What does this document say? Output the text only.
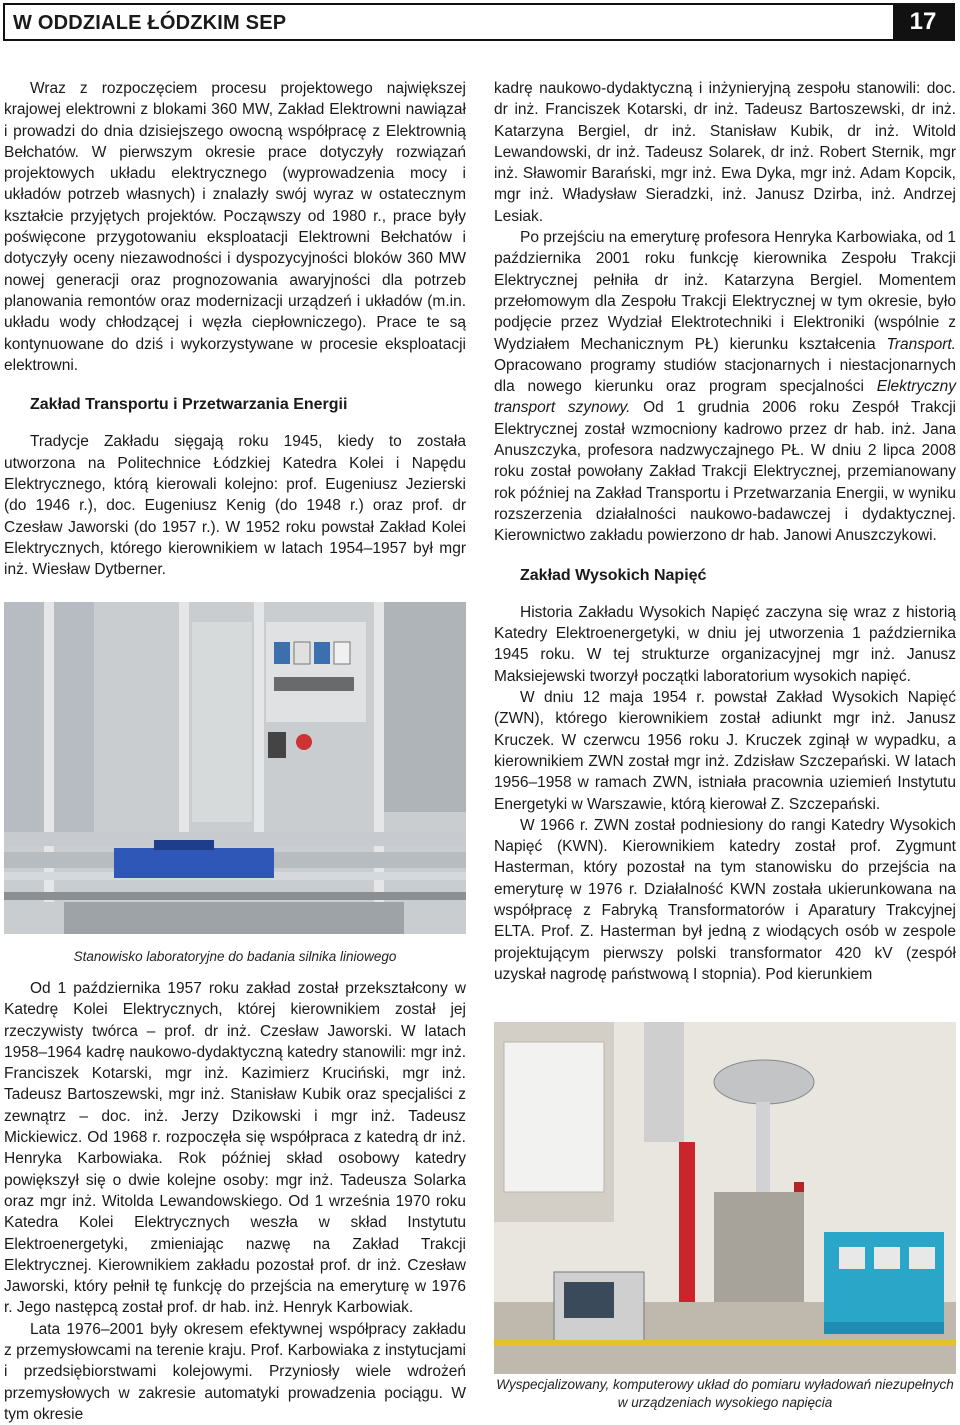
W ODDZIALE ŁÓDZKIM SEP	17

Wraz z rozpoczęciem procesu projektowego największej krajowej elektrowni z blokami 360 MW, Zakład Elektrowni nawiązał i prowadzi do dnia dzisiejszego owocną współpracę z Elektrownią Bełchatów. W pierwszym okresie prace dotyczyły rozwiązań projektowych układu elektrycznego (wyprowadzenia mocy i układów potrzeb własnych) i znalazły swój wyraz w ostatecznym kształcie przyjętych projektów. Począwszy od 1980 r., prace były poświęcone przygotowaniu eksploatacji Elektrowni Bełchatów i dotyczyły oceny niezawodności i dyspozycyjności bloków 360 MW nowej generacji oraz prognozowania awaryjności dla potrzeb planowania remontów oraz modernizacji urządzeń i układów (m.in. układu wody chłodzącej i węzła ciepłowniczego). Prace te są kontynuowane do dziś i wykorzystywane w procesie eksploatacji elektrowni.

Zakład Transportu i Przetwarzania Energii

Tradycje Zakładu sięgają roku 1945, kiedy to została utworzona na Politechnice Łódzkiej Katedra Kolei i Napędu Elektrycznego, którą kierowali kolejno: prof. Eugeniusz Jezierski (do 1946 r.), doc. Eugeniusz Kenig (do 1948 r.) oraz prof. dr Czesław Jaworski (do 1957 r.). W 1952 roku powstał Zakład Kolei Elektrycznych, którego kierownikiem w latach 1954–1957 był mgr inż. Wiesław Dytberner.

Stanowisko laboratoryjne do badania silnika liniowego

Od 1 października 1957 roku zakład został przekształcony w Katedrę Kolei Elektrycznych, której kierownikiem został jej rzeczywisty twórca – prof. dr inż. Czesław Jaworski. W latach 1958–1964 kadrę naukowo-dydaktyczną katedry stanowili: mgr inż. Franciszek Kotarski, mgr inż. Kazimierz Kruciński, mgr inż. Tadeusz Bartoszewski, mgr inż. Stanisław Kubik oraz specjaliści z zewnątrz – doc. inż. Jerzy Dzikowski i mgr inż. Tadeusz Mickiewicz. Od 1968 r. rozpoczęła się współpraca z katedrą dr inż. Henryka Karbowiaka. Rok później skład osobowy katedry powiększył się o dwie kolejne osoby: mgr inż. Tadeusza Solarka oraz mgr inż. Witolda Lewandowskiego. Od 1 września 1970 roku Katedra Kolei Elektrycznych weszła w skład Instytutu Elektroenergetyki, zmieniając nazwę na Zakład Trakcji Elektrycznej. Kierownikiem zakładu pozostał prof. dr inż. Czesław Jaworski, który pełnił tę funkcję do przejścia na emeryturę w 1976 r. Jego następcą został prof. dr hab. inż. Henryk Karbowiak.

Lata 1976–2001 były okresem efektywnej współpracy zakładu z przemysłowcami na terenie kraju. Prof. Karbowiaka z instytucjami i przedsiębiorstwami kolejowymi. Przyniosły wiele wdrożeń przemysłowych w zakresie automatyki prowadzenia pociągu. W tym okresie

kadrę naukowo-dydaktyczną i inżynieryjną zespołu stanowili: doc. dr inż. Franciszek Kotarski, dr inż. Tadeusz Bartoszewski, dr inż. Katarzyna Bergiel, dr inż. Stanisław Kubik, dr inż. Witold Lewandowski, dr inż. Tadeusz Solarek, dr inż. Robert Sternik, mgr inż. Sławomir Barański, mgr inż. Ewa Dyka, mgr inż. Adam Kopcik, mgr inż. Władysław Sieradzki, inż. Janusz Dzirba, inż. Andrzej Lesiak.

Po przejściu na emeryturę profesora Henryka Karbowiaka, od 1 października 2001 roku funkcję kierownika Zespołu Trakcji Elektrycznej pełniła dr inż. Katarzyna Bergiel. Momentem przełomowym dla Zespołu Trakcji Elektrycznej w tym okresie, było podjęcie przez Wydział Elektrotechniki i Elektroniki (wspólnie z Wydziałem Mechanicznym PŁ) kierunku kształcenia Transport. Opracowano programy studiów stacjonarnych i niestacjonarnych dla nowego kierunku oraz program specjalności Elektryczny transport szynowy. Od 1 grudnia 2006 roku Zespół Trakcji Elektrycznej został wzmocniony kadrowo przez dr hab. inż. Jana Anuszczyka, profesora nadzwyczajnego PŁ. W dniu 2 lipca 2008 roku został powołany Zakład Trakcji Elektrycznej, przemianowany rok później na Zakład Transportu i Przetwarzania Energii, w wyniku rozszerzenia działalności naukowo-badawczej i dydaktycznej. Kierownictwo zakładu powierzono dr hab. Janowi Anuszczykowi.

Zakład Wysokich Napięć

Historia Zakładu Wysokich Napięć zaczyna się wraz z historią Katedry Elektroenergetyki, w dniu jej utworzenia 1 października 1945 roku. W tej strukturze organizacyjnej mgr inż. Janusz Maksiejewski tworzył początki laboratorium wysokich napięć.

W dniu 12 maja 1954 r. powstał Zakład Wysokich Napięć (ZWN), którego kierownikiem został adiunkt mgr inż. Janusz Kruczek. W czerwcu 1956 roku J. Kruczek zginął w wypadku, a kierownikiem ZWN został mgr inż. Zdzisław Szczepański. W latach 1956–1958 w ramach ZWN, istniała pracownia uziemień Instytutu Energetyki w Warszawie, którą kierował Z. Szczepański.

W 1966 r. ZWN został podniesiony do rangi Katedry Wysokich Napięć (KWN). Kierownikiem katedry został prof. Zygmunt Hasterman, który pozostał na tym stanowisku do przejścia na emeryturę w 1976 r. Działalność KWN została ukierunkowana na współpracę z Fabryką Transformatorów i Aparatury Trakcyjnej ELTA. Prof. Z. Hasterman był jedną z wiodących osób w zespole projektującym pierwszy polski transformator 420 kV (zespół uzyskał nagrodę państwową I stopnia). Pod kierunkiem

Wyspecjalizowany, komputerowy układ do pomiaru wyładowań niezupełnych w urządzeniach wysokiego napięcia
